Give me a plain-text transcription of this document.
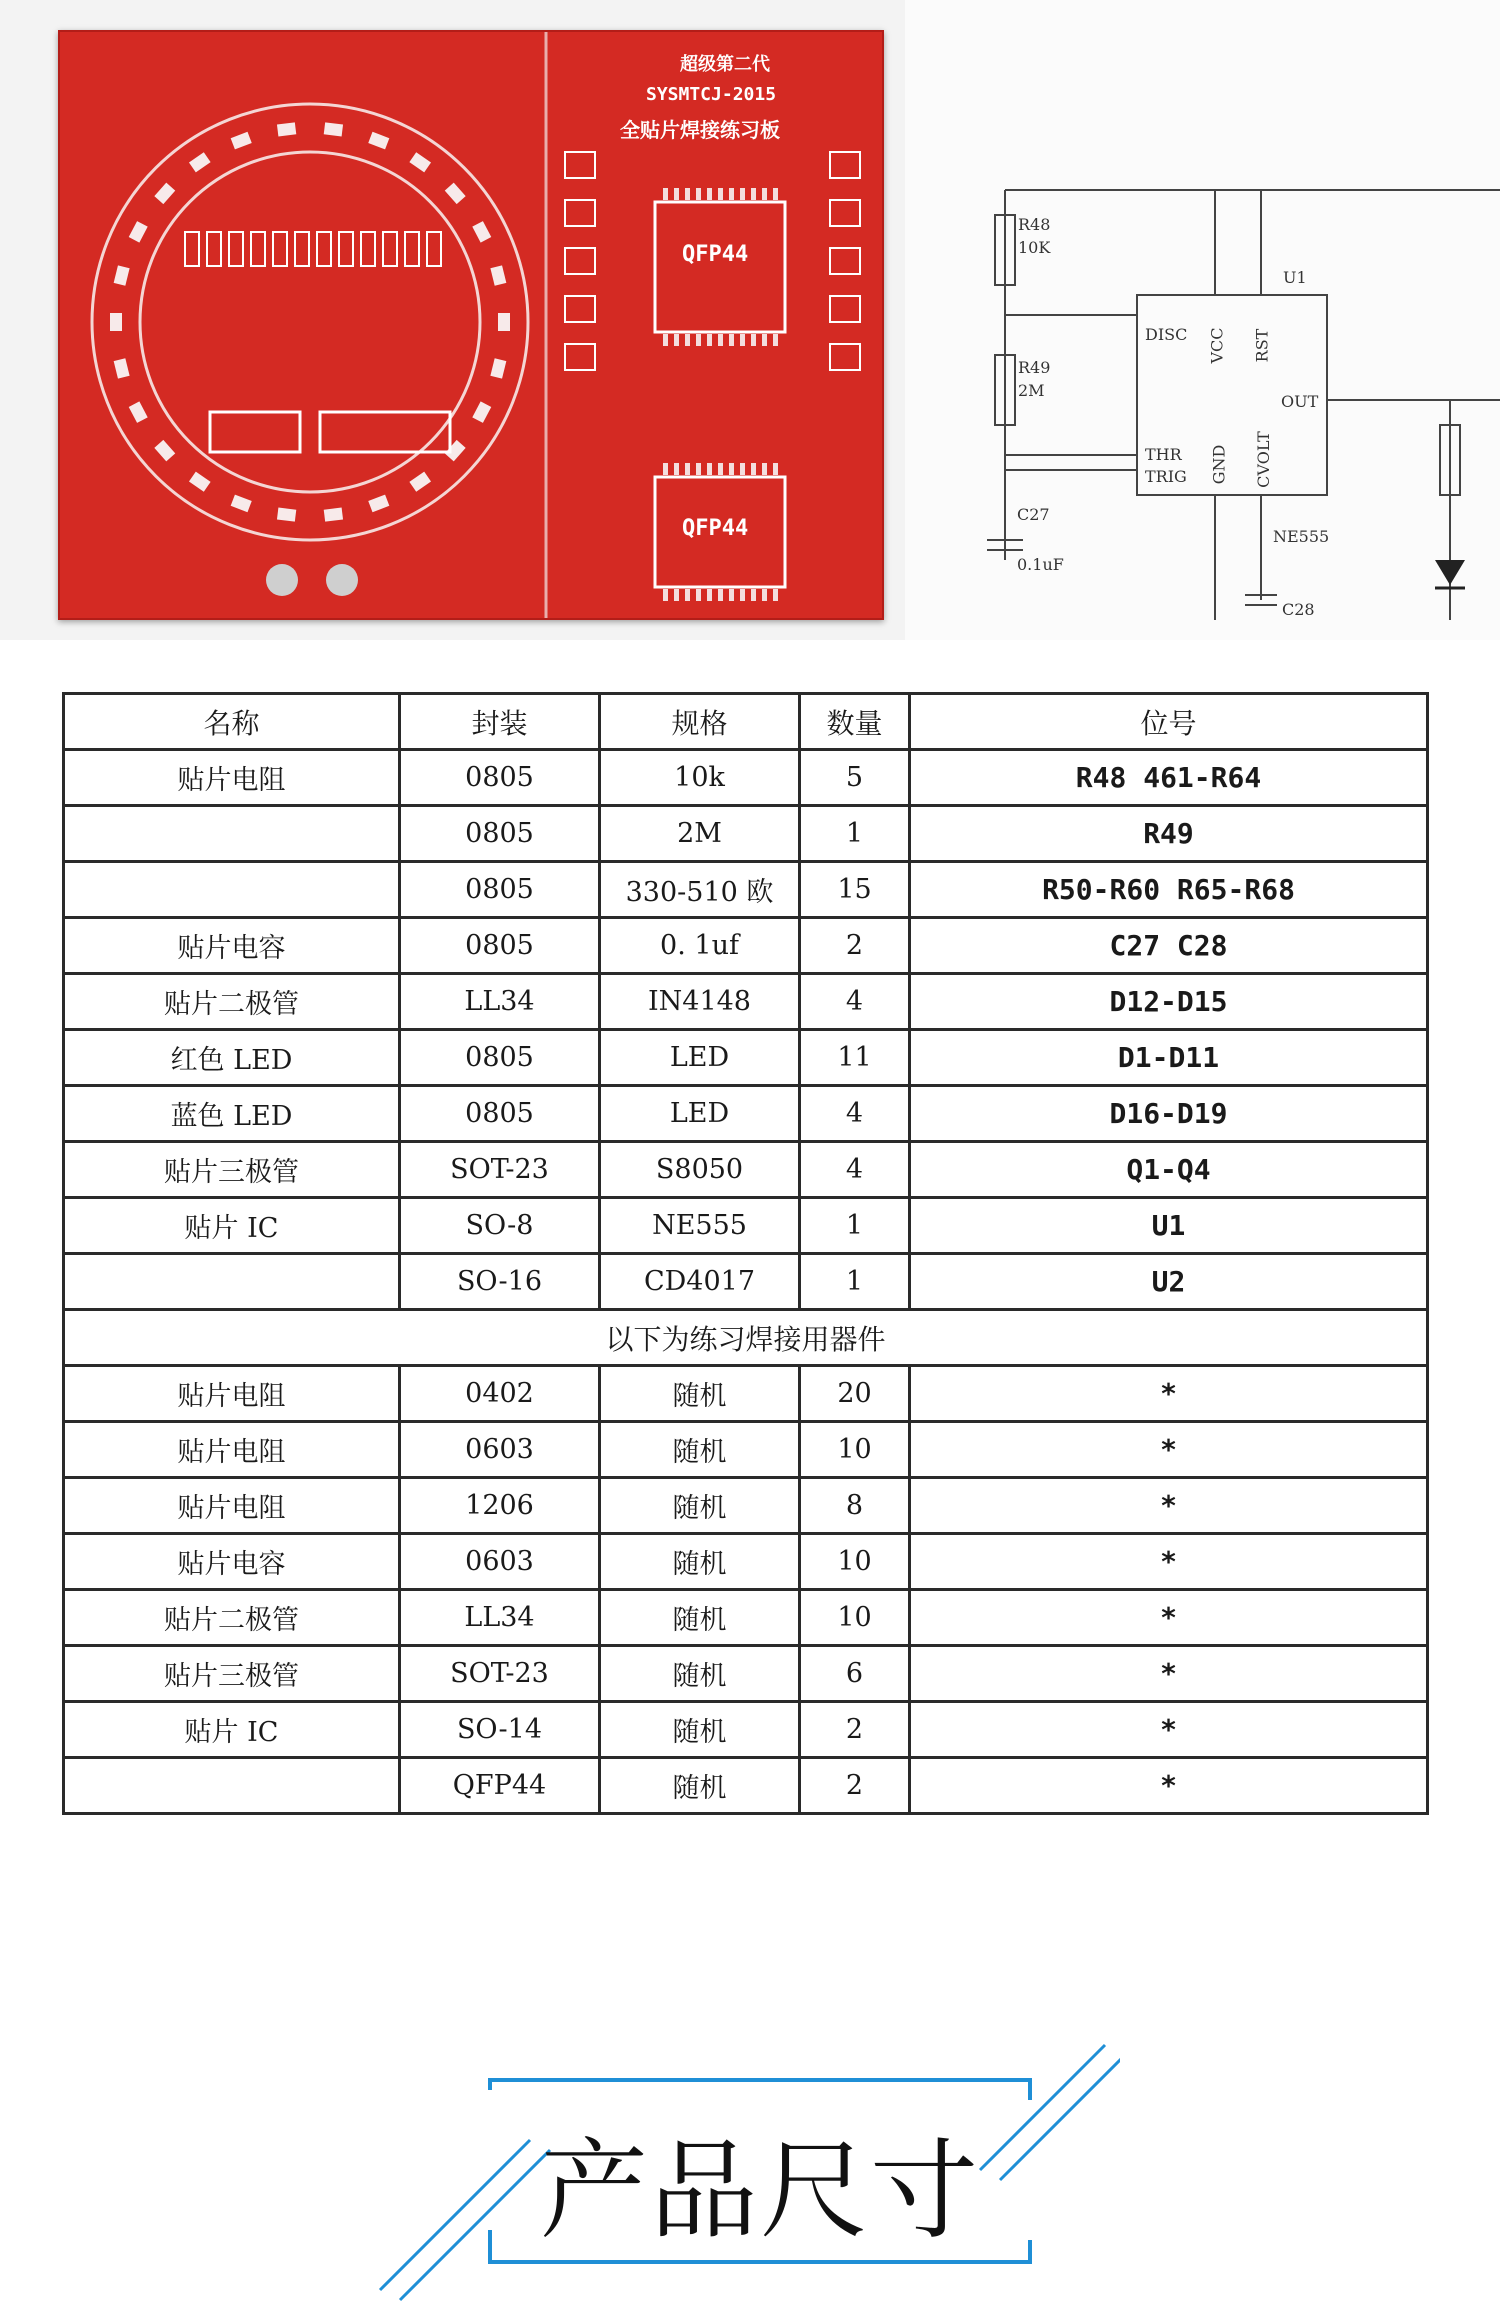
超级第二代
SYSMTCJ-2015
全贴片焊接练习板
QFP44
QFP44
R48
10K
R49
2M
C27
0.1uF
C28
U1
NE555
DISC
THR
TRIG
OUT
VCC RST
GND CVOLT
名称	封装	规格	数量	位号
贴片电阻	0805	10k	5	R48 461-R64
	0805	2M	1	R49
	0805	330-510 欧	15	R50-R60 R65-R68
贴片电容	0805	0. 1uf	2	C27 C28
贴片二极管	LL34	IN4148	4	D12-D15
红色 LED	0805	LED	11	D1-D11
蓝色 LED	0805	LED	4	D16-D19
贴片三极管	SOT-23	S8050	4	Q1-Q4
贴片 IC	SO-8	NE555	1	U1
	SO-16	CD4017	1	U2
以下为练习焊接用器件				
贴片电阻	0402	随机	20	*
贴片电阻	0603	随机	10	*
贴片电阻	1206	随机	8	*
贴片电容	0603	随机	10	*
贴片二极管	LL34	随机	10	*
贴片三极管	SOT-23	随机	6	*
贴片 IC	SO-14	随机	2	*
	QFP44	随机	2	*
产品尺寸
